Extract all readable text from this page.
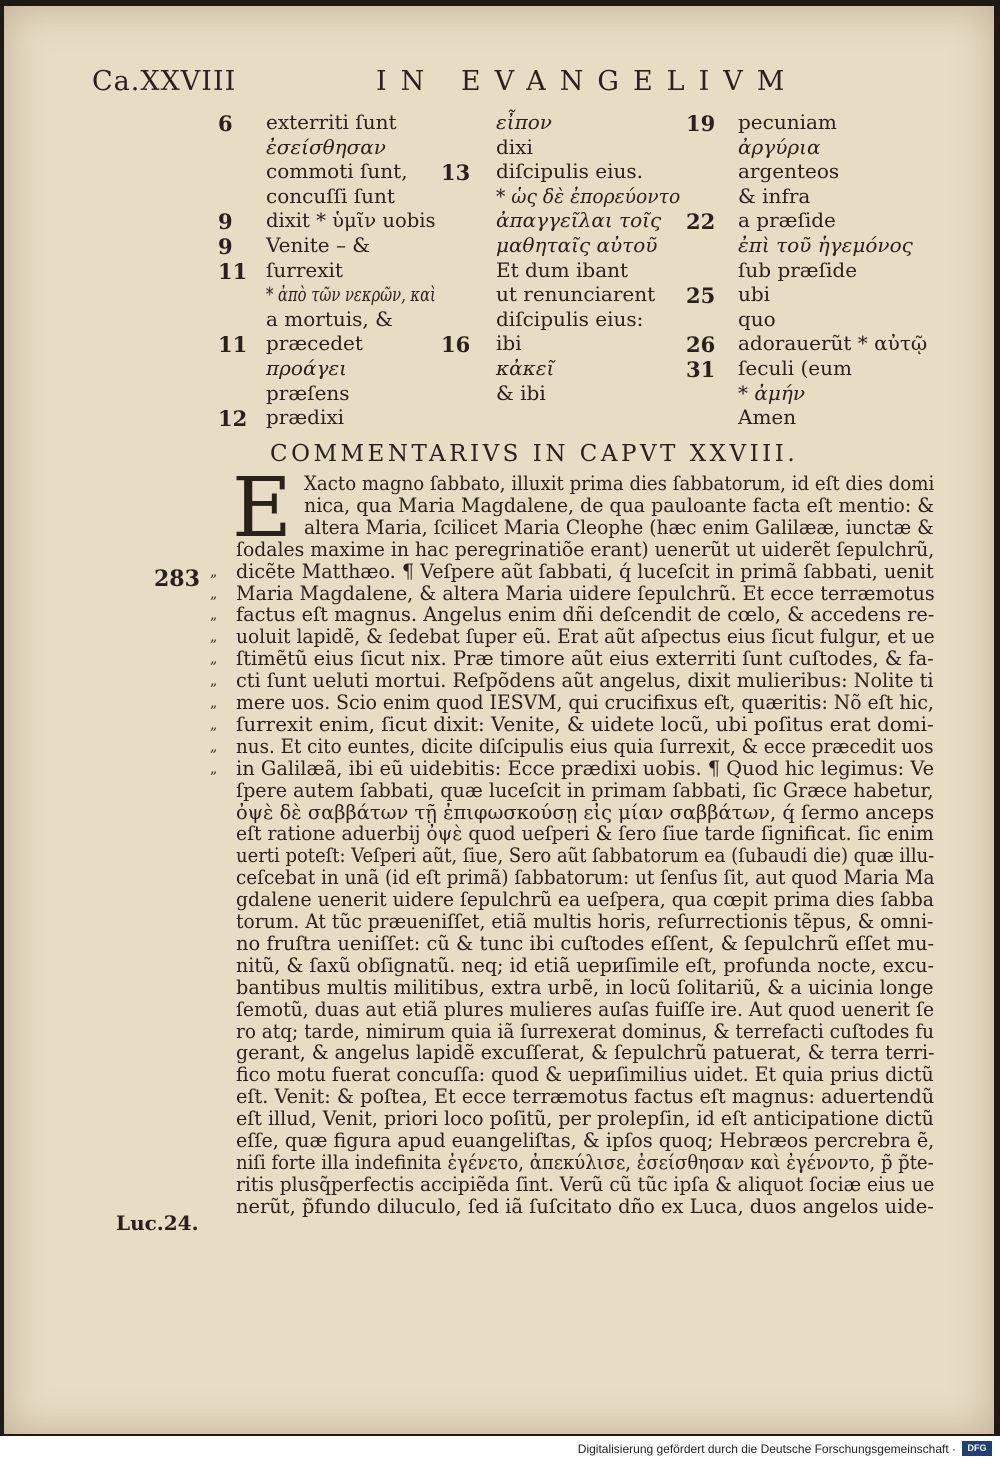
Ca.XXVIII	IN EVANGELIVM
6 exterriti ſunt
ἐσείσθησαν
commoti ſunt,
concuſſi ſunt
9 dixit * ὑμῖν uobis
9 Venite – &
11 ſurrexit
* ἀπὸ τῶν νεκρῶν, καὶ
a mortuis, &
11 præcedet
προάγει
præſens
12 prædixi
εἶπον
dixi
13 diſcipulis eius.
* ὡς δὲ ἐπορεύοντο
ἀπαγγεῖλαι τοῖς
μαθηταῖς αὐτοῦ
Et dum ibant
ut renunciarent
diſcipulis eius:
16 ibi
κἀκεῖ
& ibi
19 pecuniam
ἀργύρια
argenteos
& infra
22 a præſide
ἐπὶ τοῦ ἡγεμόνος
ſub præſide
25 ubi
quo
26 adorauerũt * αὐτῷ
31 ſeculi (eum
* ἀμήν
Amen
COMMENTARIVS IN CAPVT XXVIII.
E
283
Luc.24.
Xacto magno ſabbato, illuxit prima dies ſabbatorum, id eſt dies domi
nica, qua Maria Magdalene, de qua pauloante facta eſt mentio: &
altera Maria, ſcilicet Maria Cleophe (hæc enim Galilææ, iunctæ &
ſodales maxime in hac peregrinatiõe erant) uenerũt ut uiderẽt ſepulchrũ,
dicẽte Matthæo. ¶ Veſpere aũt ſabbati, q́ luceſcit in primã ſabbati, uenit
„
Maria Magdalene, & altera Maria uidere ſepulchrũ. Et ecce terræmotus
„
factus eſt magnus. Angelus enim dñi deſcendit de cœlo, & accedens re-
„
uoluit lapidẽ, & ſedebat ſuper eũ. Erat aũt aſpectus eius ſicut fulgur, et ue
„
ſtimẽtũ eius ſicut nix. Præ timore aũt eius exterriti ſunt cuſtodes, & fa-
„
cti ſunt ueluti mortui. Reſpõdens aũt angelus, dixit mulieribus: Nolite ti
„
mere uos. Scio enim quod IESVM, qui crucifixus eſt, quæritis: Nõ eſt hic,
„
ſurrexit enim, ſicut dixit: Venite, & uidete locũ, ubi poſitus erat domi-
„
nus. Et cito euntes, dicite diſcipulis eius quia ſurrexit, & ecce præcedit uos
„
in Galilæã, ibi eũ uidebitis: Ecce prædixi uobis. ¶ Quod hic legimus: Ve
„
ſpere autem ſabbati, quæ luceſcit in primam ſabbati, ſic Græce habetur,
ὀψὲ δὲ σαββάτων τῇ ἐπιφωσκούσῃ εἰς μίαν σαββάτων, q́ ſermo anceps
eſt ratione aduerbij ὀψὲ quod ueſperi & ſero ſiue tarde ſignificat. ſic enim
uerti poteſt: Veſperi aũt, ſiue, Sero aũt ſabbatorum ea (ſubaudi die) quæ illu-
ceſcebat in unã (id eſt primã) ſabbatorum: ut ſenſus ſit, aut quod Maria Ma
gdalene uenerit uidere ſepulchrũ ea ueſpera, qua cœpit prima dies ſabba
torum. At tũc præueniſſet, etiã multis horis, reſurrectionis tẽpus, & omni-
no fruſtra ueniſſet: cũ & tunc ibi cuſtodes eſſent, & ſepulchrũ eſſet mu-
nitũ, & ſaxũ obſignatũ. neq; id etiã uериſimile eſt, profunda nocte, excu-
bantibus multis militibus, extra urbẽ, in locũ ſolitariũ, & a uicinia longe
ſemotũ, duas aut etiã plures mulieres auſas fuiſſe ire. Aut quod uenerit ſe
ro atq; tarde, nimirum quia iã ſurrexerat dominus, & terrefacti cuſtodes fu
gerant, & angelus lapidẽ excuſſerat, & ſepulchrũ patuerat, & terra terri-
fico motu fuerat concuſſa: quod & uериſimilius uidet. Et quia prius dictũ
eſt. Venit: & poſtea, Et ecce terræmotus factus eſt magnus: aduertendũ
eſt illud, Venit, priori loco poſitũ, per prolepſin, id eſt anticipatione dictũ
eſſe, quæ figura apud euangeliſtas, & ipſos quoq; Hebræos percrebra ẽ,
niſi forte illa indefinita ἐγένετο, ἀπεκύλισε, ἐσείσθησαν καὶ ἐγένοντο, p̃ p̃te-
ritis plusq̃perfectis accipiẽda ſint. Verũ cũ tũc ipſa & aliquot ſociæ eius ue
nerũt, p̃fundo diluculo, ſed iã ſuſcitato dño ex Luca, duos angelos uide-
Digitalisierung gefördert durch die Deutsche Forschungsgemeinschaft ·	DFG
